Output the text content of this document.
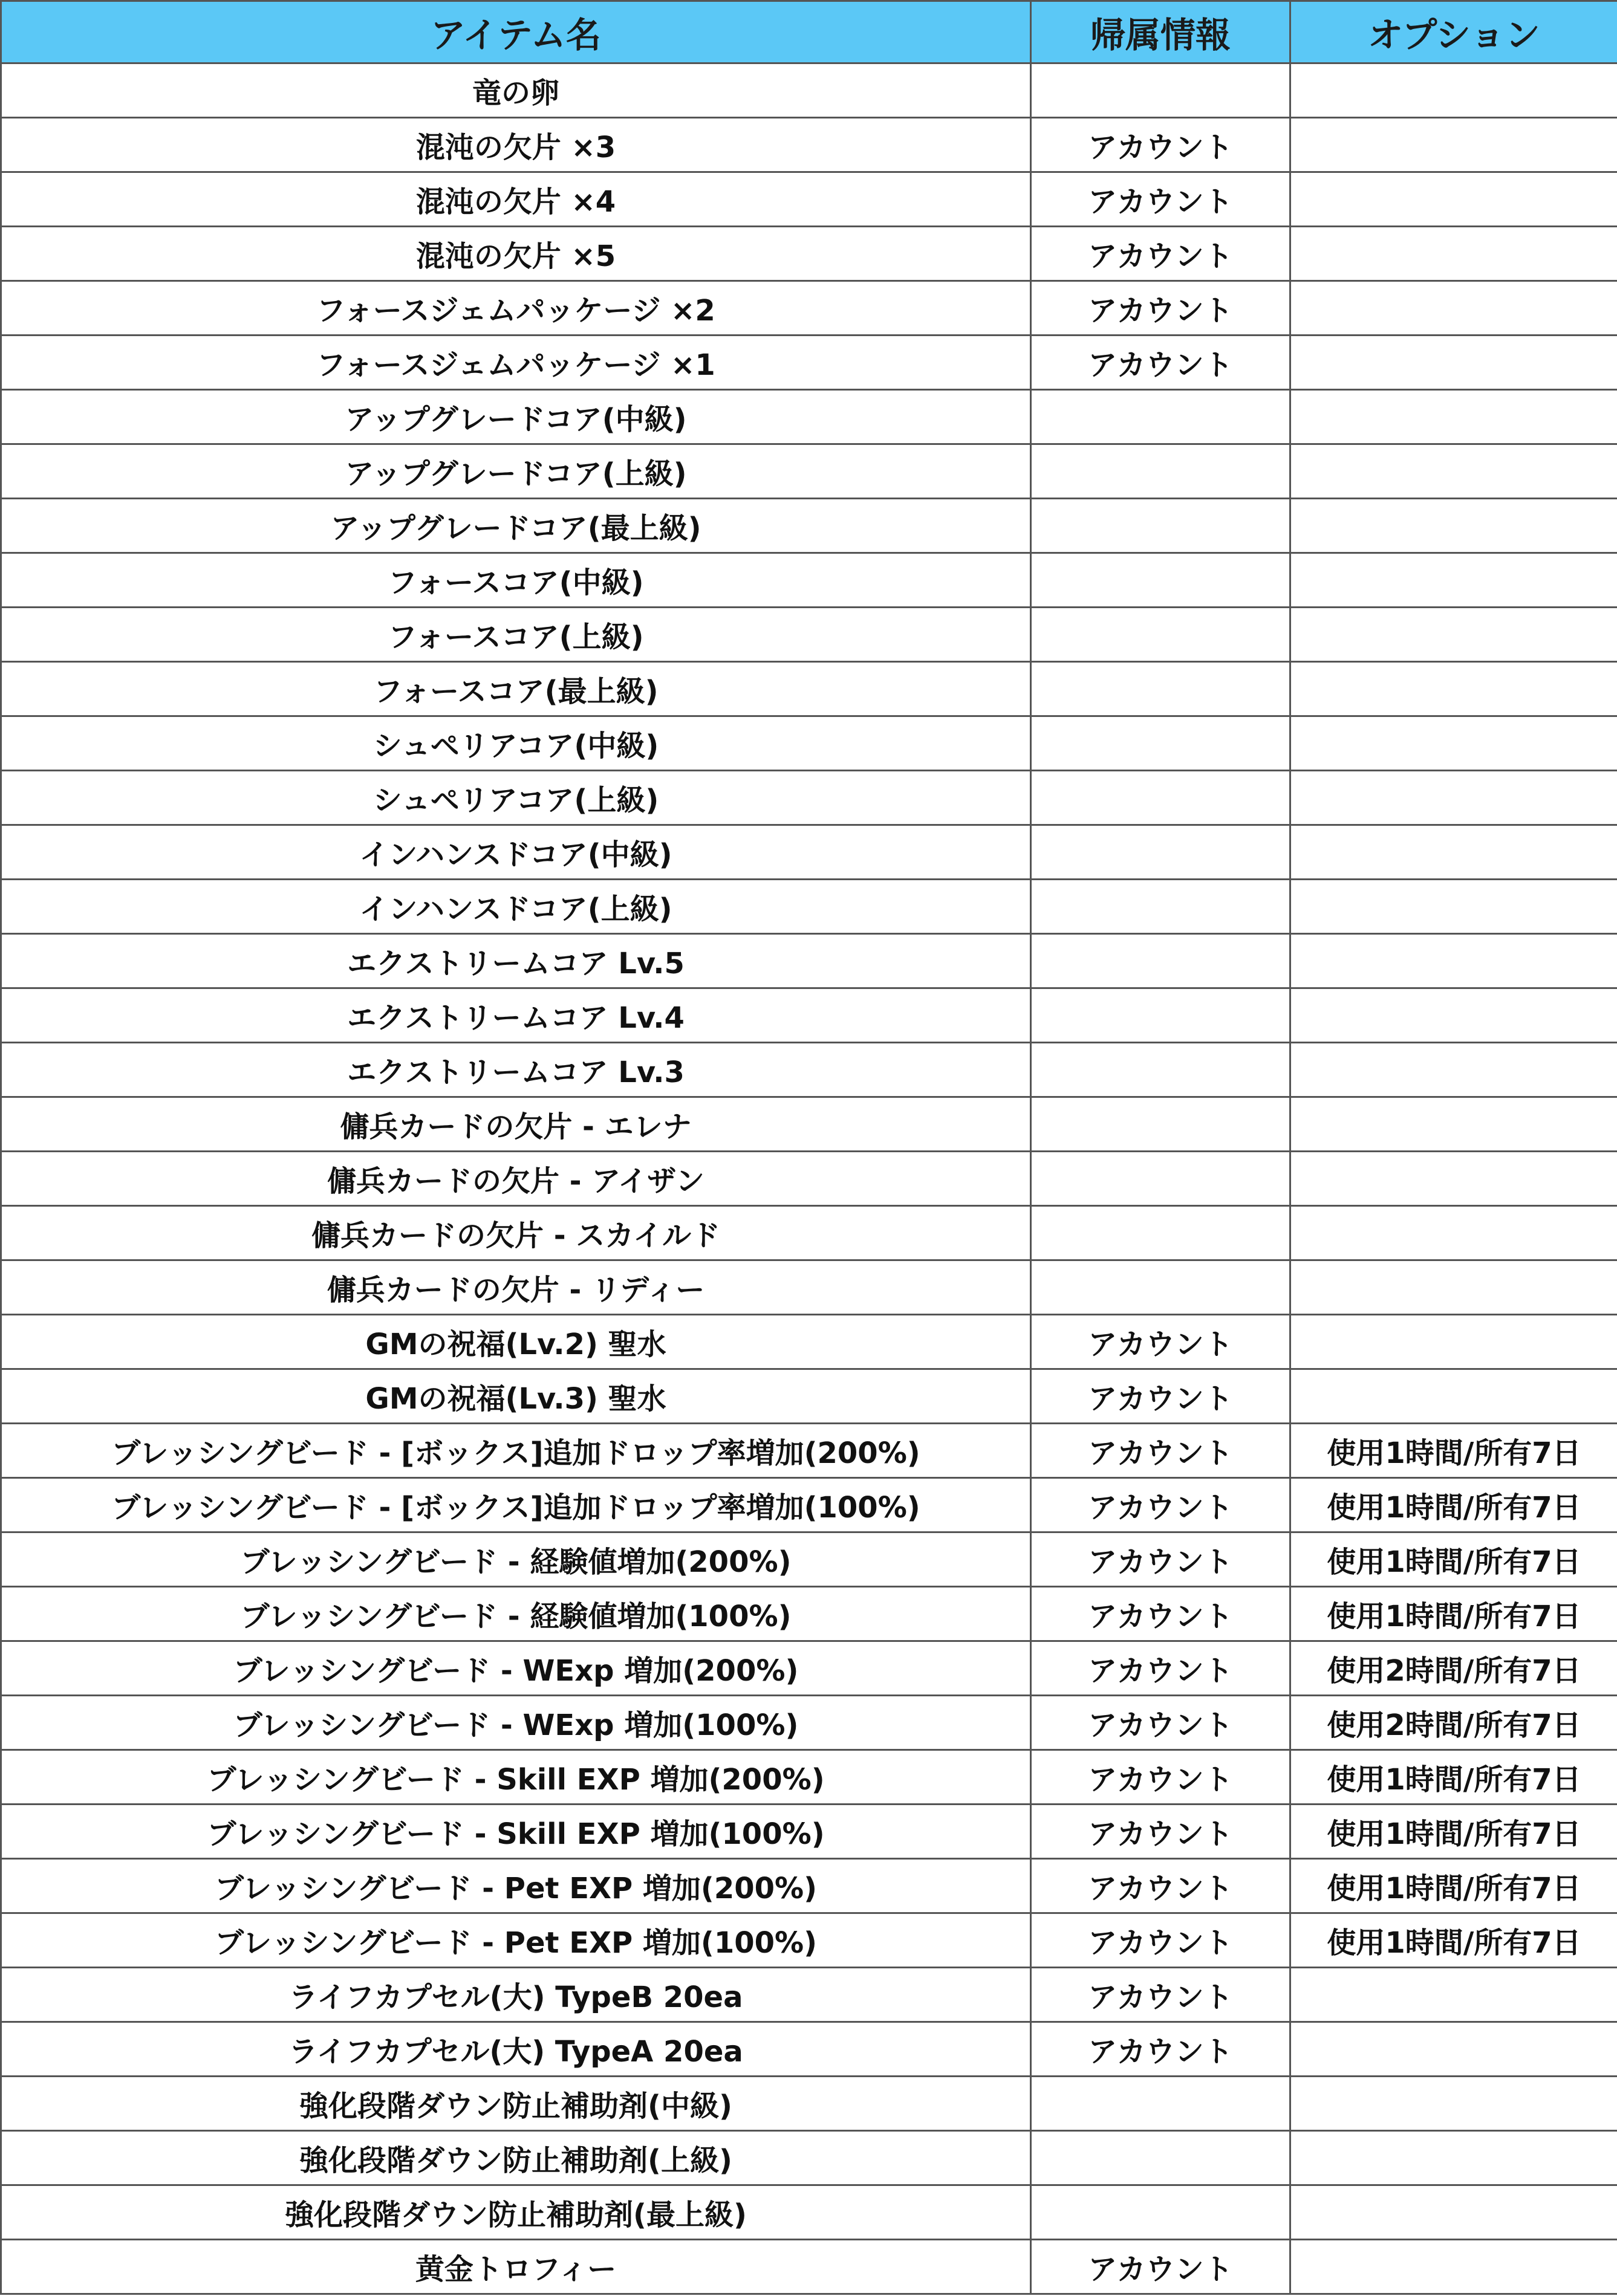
アイテム名	帰属情報	オプション
竜の卵		
混沌の欠片 ×3	アカウント	
混沌の欠片 ×4	アカウント	
混沌の欠片 ×5	アカウント	
フォースジェムパッケージ ×2	アカウント	
フォースジェムパッケージ ×1	アカウント	
アップグレードコア(中級)		
アップグレードコア(上級)		
アップグレードコア(最上級)		
フォースコア(中級)		
フォースコア(上級)		
フォースコア(最上級)		
シュペリアコア(中級)		
シュペリアコア(上級)		
インハンスドコア(中級)		
インハンスドコア(上級)		
エクストリームコア Lv.5		
エクストリームコア Lv.4		
エクストリームコア Lv.3		
傭兵カードの欠片 - エレナ		
傭兵カードの欠片 - アイザン		
傭兵カードの欠片 - スカイルド		
傭兵カードの欠片 - リディー		
GMの祝福(Lv.2) 聖水	アカウント	
GMの祝福(Lv.3) 聖水	アカウント	
ブレッシングビード - [ボックス]追加ドロップ率増加(200%)	アカウント	使用1時間/所有7日
ブレッシングビード - [ボックス]追加ドロップ率増加(100%)	アカウント	使用1時間/所有7日
ブレッシングビード - 経験値増加(200%)	アカウント	使用1時間/所有7日
ブレッシングビード - 経験値増加(100%)	アカウント	使用1時間/所有7日
ブレッシングビード - WExp 増加(200%)	アカウント	使用2時間/所有7日
ブレッシングビード - WExp 増加(100%)	アカウント	使用2時間/所有7日
ブレッシングビード - Skill EXP 増加(200%)	アカウント	使用1時間/所有7日
ブレッシングビード - Skill EXP 増加(100%)	アカウント	使用1時間/所有7日
ブレッシングビード - Pet EXP 増加(200%)	アカウント	使用1時間/所有7日
ブレッシングビード - Pet EXP 増加(100%)	アカウント	使用1時間/所有7日
ライフカプセル(大) TypeB 20ea	アカウント	
ライフカプセル(大) TypeA 20ea	アカウント	
強化段階ダウン防止補助剤(中級)		
強化段階ダウン防止補助剤(上級)		
強化段階ダウン防止補助剤(最上級)		
黄金トロフィー	アカウント	
